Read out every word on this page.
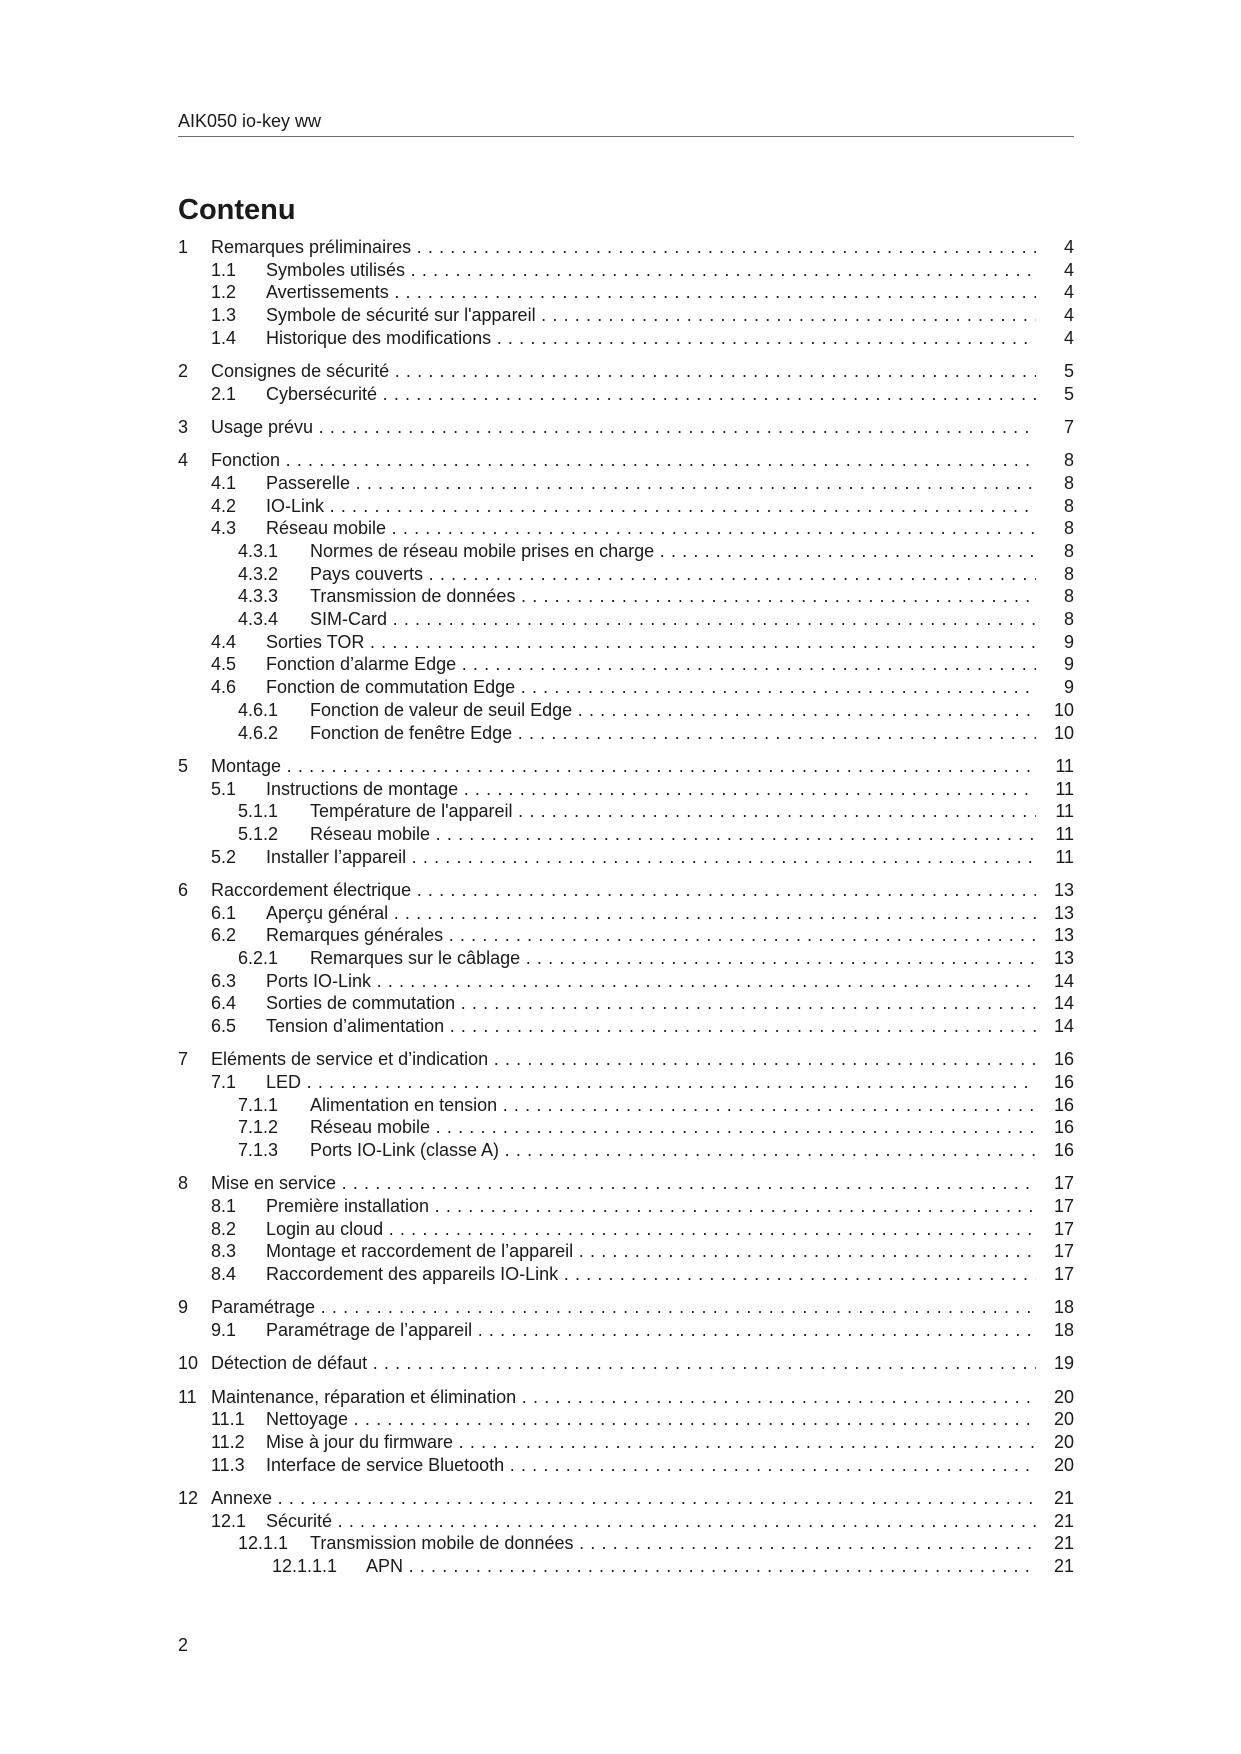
AIK050 io-key ww
Contenu
1 Remarques préliminaires . . .	4
1.1 Symboles utilisés . . .	4
1.2 Avertissements . . .	4
1.3 Symbole de sécurité sur l'appareil . . .	4
1.4 Historique des modifications . . .	4
2 Consignes de sécurité . . .	5
2.1 Cybersécurité . . .	5
3 Usage prévu . . .	7
4 Fonction . . .	8
4.1 Passerelle . . .	8
4.2 IO-Link . . .	8
4.3 Réseau mobile . . .	8
4.3.1 Normes de réseau mobile prises en charge . . .	8
4.3.2 Pays couverts . . .	8
4.3.3 Transmission de données . . .	8
4.3.4 SIM-Card . . .	8
4.4 Sorties TOR . . .	9
4.5 Fonction d’alarme Edge . . .	9
4.6 Fonction de commutation Edge . . .	9
4.6.1 Fonction de valeur de seuil Edge . . .	10
4.6.2 Fonction de fenêtre Edge . . .	10
5 Montage . . .	11
5.1 Instructions de montage . . .	11
5.1.1 Température de l'appareil . . .	11
5.1.2 Réseau mobile . . .	11
5.2 Installer l’appareil . . .	11
6 Raccordement électrique . . .	13
6.1 Aperçu général . . .	13
6.2 Remarques générales . . .	13
6.2.1 Remarques sur le câblage . . .	13
6.3 Ports IO-Link . . .	14
6.4 Sorties de commutation . . .	14
6.5 Tension d’alimentation . . .	14
7 Eléments de service et d’indication . . .	16
7.1 LED . . .	16
7.1.1 Alimentation en tension . . .	16
7.1.2 Réseau mobile . . .	16
7.1.3 Ports IO-Link (classe A) . . .	16
8 Mise en service . . .	17
8.1 Première installation . . .	17
8.2 Login au cloud . . .	17
8.3 Montage et raccordement de l’appareil . . .	17
8.4 Raccordement des appareils IO-Link . . .	17
9 Paramétrage . . .	18
9.1 Paramétrage de l’appareil . . .	18
10 Détection de défaut . . .	19
11 Maintenance, réparation et élimination . . .	20
11.1 Nettoyage . . .	20
11.2 Mise à jour du firmware . . .	20
11.3 Interface de service Bluetooth . . .	20
12 Annexe . . .	21
12.1 Sécurité . . .	21
12.1.1 Transmission mobile de données . . .	21
12.1.1.1 APN . . .	21
2
